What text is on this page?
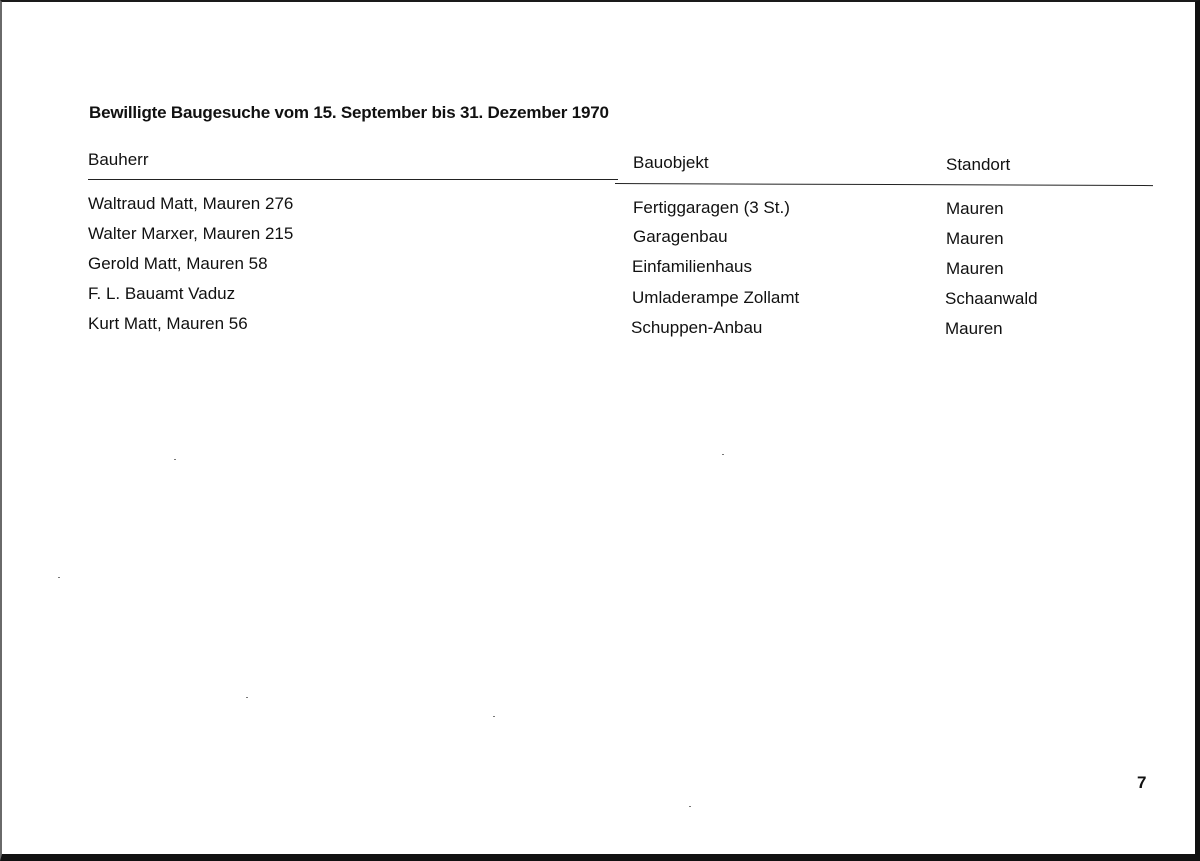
Bewilligte Baugesuche vom 15. September bis 31. Dezember 1970
Bauherr	Bauobjekt	Standort
Waltraud Matt, Mauren 276	Fertiggaragen (3 St.)	Mauren
Walter Marxer, Mauren 215	Garagenbau	Mauren
Gerold Matt, Mauren 58	Einfamilienhaus	Mauren
F. L. Bauamt Vaduz	Umladerampe Zollamt	Schaanwald
Kurt Matt, Mauren 56	Schuppen-Anbau	Mauren
7
